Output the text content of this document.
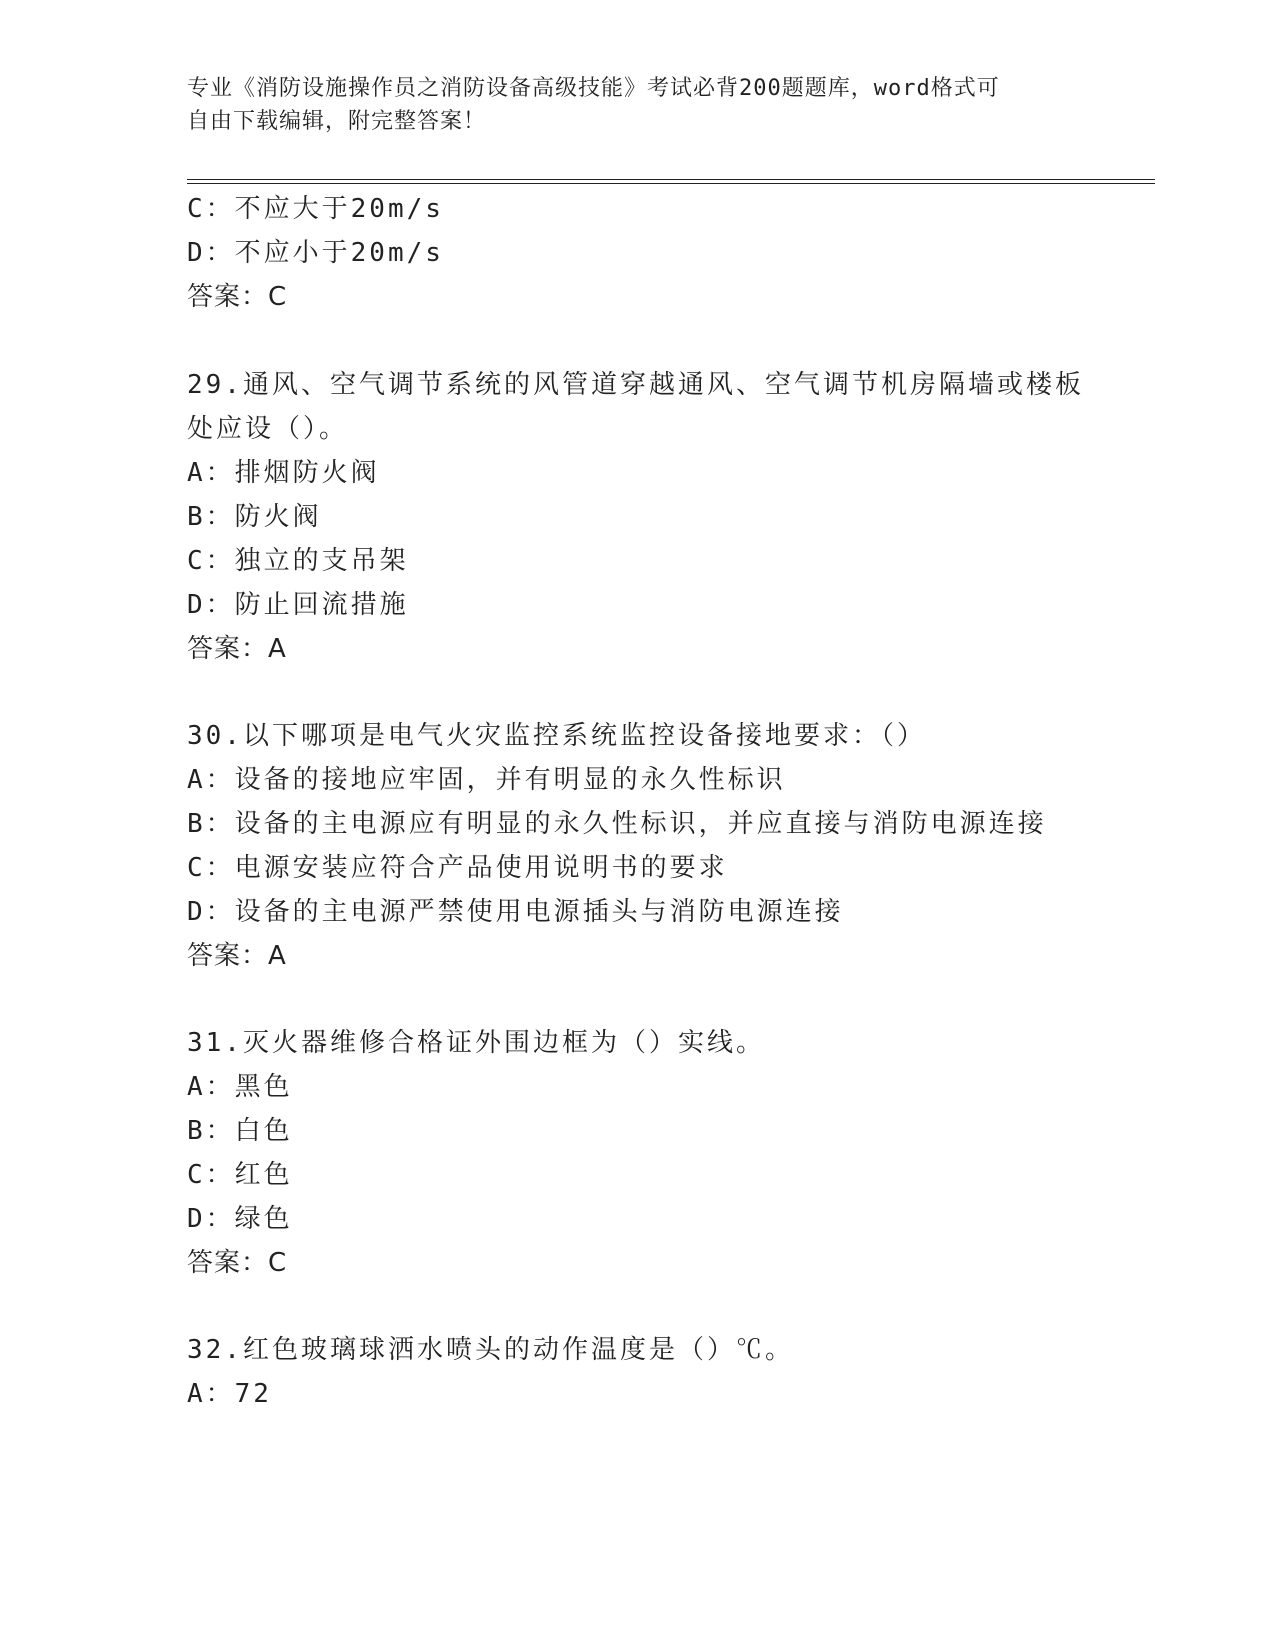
专业《消防设施操作员之消防设备高级技能》考试必背200题题库，word格式可
自由下载编辑，附完整答案！
C：不应大于20m/s
D：不应小于20m/s
答案：C
29.通风、空气调节系统的风管道穿越通风、空气调节机房隔墙或楼板
处应设（）。
A：排烟防火阀
B：防火阀
C：独立的支吊架
D：防止回流措施
答案：A
30.以下哪项是电气火灾监控系统监控设备接地要求：（）
A：设备的接地应牢固，并有明显的永久性标识
B：设备的主电源应有明显的永久性标识，并应直接与消防电源连接
C：电源安装应符合产品使用说明书的要求
D：设备的主电源严禁使用电源插头与消防电源连接
答案：A
31.灭火器维修合格证外围边框为（）实线。
A：黑色
B：白色
C：红色
D：绿色
答案：C
32.红色玻璃球洒水喷头的动作温度是（）℃。
A：72
